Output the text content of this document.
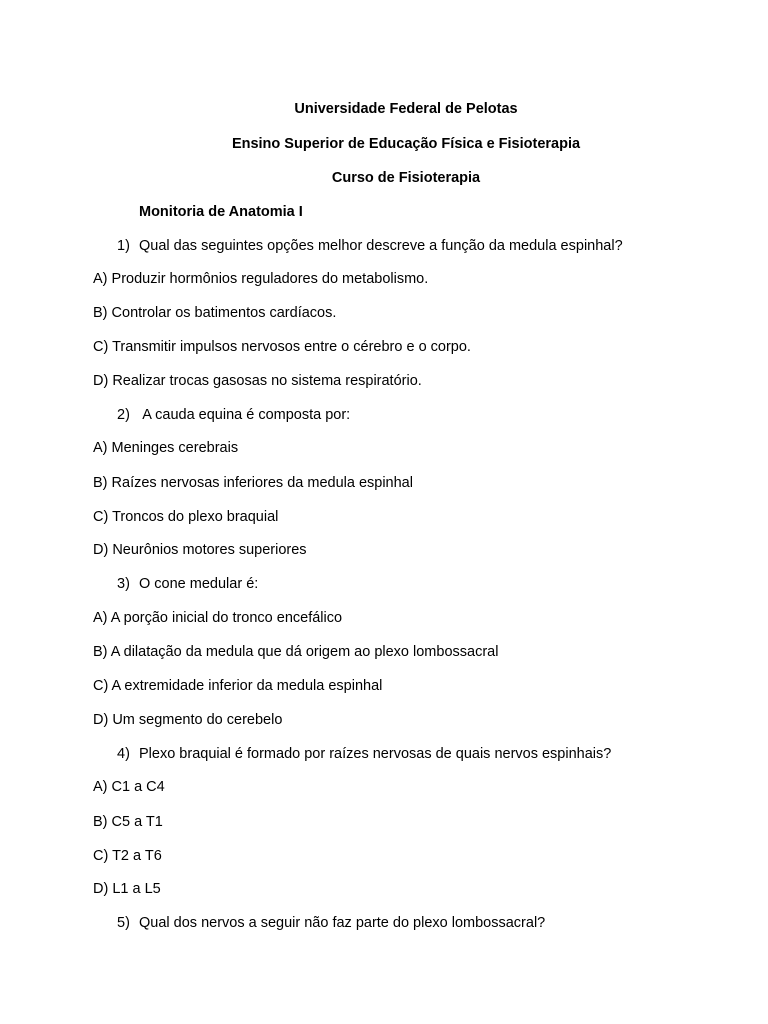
Universidade Federal de Pelotas
Ensino Superior de Educação Física e Fisioterapia
Curso de Fisioterapia
Monitoria de Anatomia I
1) Qual das seguintes opções melhor descreve a função da medula espinhal?
A) Produzir hormônios reguladores do metabolismo.
B) Controlar os batimentos cardíacos.
C) Transmitir impulsos nervosos entre o cérebro e o corpo.
D) Realizar trocas gasosas no sistema respiratório.
2) A cauda equina é composta por:
A) Meninges cerebrais
B) Raízes nervosas inferiores da medula espinhal
C) Troncos do plexo braquial
D) Neurônios motores superiores
3) O cone medular é:
A) A porção inicial do tronco encefálico
B) A dilatação da medula que dá origem ao plexo lombossacral
C) A extremidade inferior da medula espinhal
D) Um segmento do cerebelo
4) Plexo braquial é formado por raízes nervosas de quais nervos espinhais?
A) C1 a C4
B) C5 a T1
C) T2 a T6
D) L1 a L5
5) Qual dos nervos a seguir não faz parte do plexo lombossacral?
